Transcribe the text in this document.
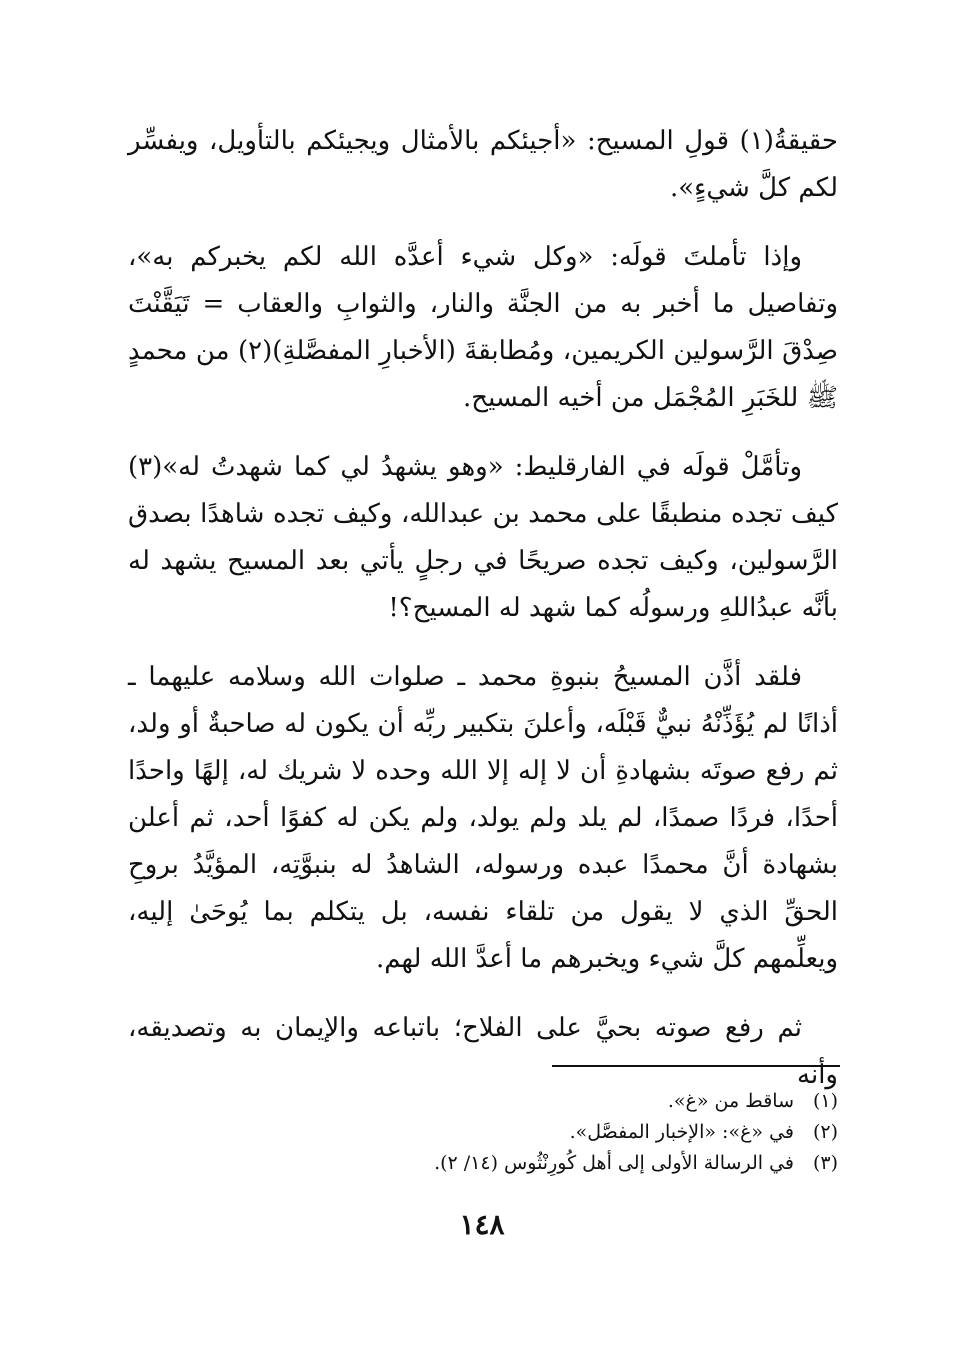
حقيقةُ(١) قولِ المسيح: «أجيئكم بالأمثال ويجيئكم بالتأويل، ويفسِّر لكم كلَّ شيءٍ».

وإذا تأملتَ قولَه: «وكل شيء أعدَّه الله لكم يخبركم به»، وتفاصيل ما أخبر به من الجنَّة والنار، والثوابِ والعقاب = تَيَقَّنْتَ صِدْقَ الرَّسولين الكريمين، ومُطابقةَ (الأخبارِ المفصَّلةِ)(٢) من محمدٍ ﷺ للخَبَرِ المُجْمَل من أخيه المسيح.

وتأمَّلْ قولَه في الفارقليط: «وهو يشهدُ لي كما شهدتُ له»(٣) كيف تجده منطبقًا على محمد بن عبدالله، وكيف تجده شاهدًا بصدق الرَّسولين، وكيف تجده صريحًا في رجلٍ يأتي بعد المسيح يشهد له بأنَّه عبدُاللهِ ورسولُه كما شهد له المسيح؟!

فلقد أذَّن المسيحُ بنبوةِ محمد ـ صلوات الله وسلامه عليهما ـ أذانًا لم يُؤَذِّنْهُ نبيٌّ قَبْلَه، وأعلنَ بتكبير ربِّه أن يكون له صاحبةٌ أو ولد، ثم رفع صوتَه بشهادةِ أن لا إله إلا الله وحده لا شريك له، إلهًا واحدًا أحدًا، فردًا صمدًا، لم يلد ولم يولد، ولم يكن له كفوًا أحد، ثم أعلن بشهادة أنَّ محمدًا عبده ورسوله، الشاهدُ له بنبوَّتِه، المؤيَّدُ بروحِ الحقِّ الذي لا يقول من تلقاء نفسه، بل يتكلم بما يُوحَىٰ إليه، ويعلِّمهم كلَّ شيء ويخبرهم ما أعدَّ الله لهم.

ثم رفع صوته بحيَّ على الفلاح؛ باتباعه والإيمان به وتصديقه، وأنه

(١)
ساقط من «غ».
(٢)
في «غ»: «الإخبار المفصَّل».
(٣)
في الرسالة الأولى إلى أهل كُورِنْثُوس (١٤/ ٢).
١٤٨
